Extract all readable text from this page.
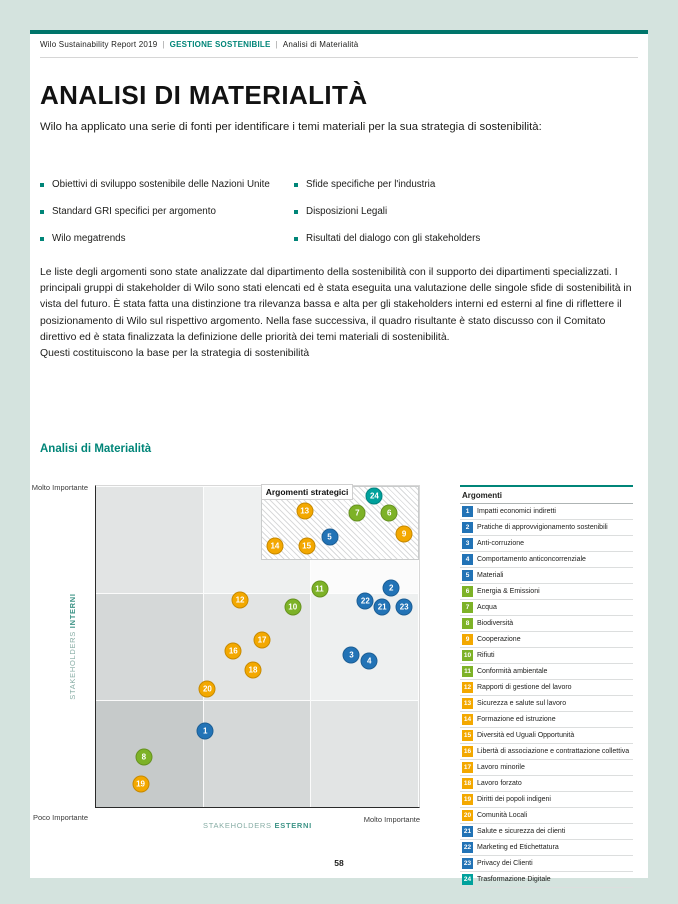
Wilo Sustainability Report 2019 | GESTIONE SOSTENIBILE | Analisi di Materialità
ANALISI DI MATERIALITÀ

Wilo ha applicato una serie di fonti per identificare i temi materiali per la sua strategia di sostenibilità:

Obiettivi di sviluppo sostenibile delle Nazioni Unite
Standard GRI specifici per argomento
Wilo megatrends
Sfide specifiche per l'industria
Disposizioni Legali
Risultati del dialogo con gli stakeholders

Le liste degli argomenti sono state analizzate dal dipartimento della sostenibilità con il supporto dei dipartimenti specializzati. I principali gruppi di stakeholder di Wilo sono stati elencati ed è stata eseguita una valutazione delle singole sfide di sostenibilità in vista del futuro. È stata fatta una distinzione tra rilevanza bassa e alta per gli stakeholders interni ed esterni al fine di riflettere il posizionamento di Wilo sul rispettivo argomento. Nella fase successiva, il quadro risultante è stato discusso con il Comitato direttivo ed è stata finalizzata la definizione delle priorità dei temi materiali di sostenibilità.

Questi costituiscono la base per la strategia di sostenibilità

Analisi di Materialità
Molto Importante
Poco Importante	Molto Importante
STAKEHOLDERS INTERNI
STAKEHOLDERS ESTERNI
Argomenti strategici
1
2
3
4
5
6
7
8
9
10
11
12
13
14	15
16
17
18
19
20
21
22
23
24	Argomenti
1	Impatti economici indiretti
2	Pratiche di approvvigionamento sostenibili
3	Anti-corruzione
4	Comportamento anticoncorrenziale
5	Materiali
6	Energia & Emissioni
7	Acqua
8	Biodiversità
9	Cooperazione
10 Rifiuti
11 Conformità ambientale
12 Rapporti di gestione del lavoro
13 Sicurezza e salute sul lavoro
14 Formazione ed istruzione
15 Diversità ed Uguali Opportunità
16 Libertà di associazione e contrattazione collettiva
17 Lavoro minorile
18 Lavoro forzato
19 Diritti dei popoli indigeni
20 Comunità Locali
21 Salute e sicurezza dei clienti
22 Marketing ed Etichettatura
23 Privacy dei Clienti
24 Trasformazione Digitale
58
